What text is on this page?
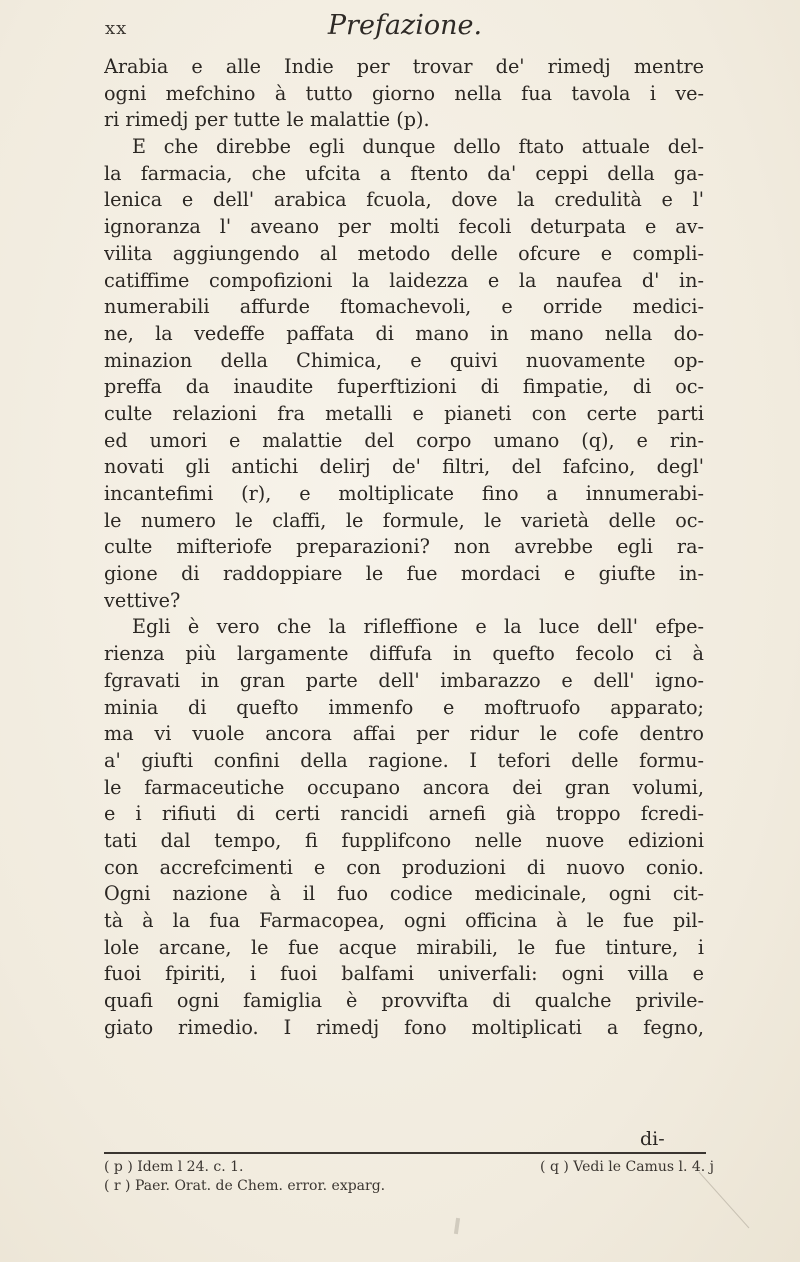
xx	Prefazione.
Arabia e alle Indie per trovar de' rimedj mentre
ogni mefchino à tutto giorno nella fua tavola i ve-
ri rimedj per tutte le malattie (p).
E che direbbe egli dunque dello ftato attuale del-
la farmacia, che ufcita a ftento da' ceppi della ga-
lenica e dell' arabica fcuola, dove la credulità e l'
ignoranza l' aveano per molti fecoli deturpata e av-
vilita aggiungendo al metodo delle ofcure e compli-
catiffime compofizioni la laidezza e la naufea d' in-
numerabili affurde ftomachevoli, e orride medici-
ne, la vedeffe paffata di mano in mano nella do-
minazion della Chimica, e quivi nuovamente op-
preffa da inaudite fuperftizioni di fimpatie, di oc-
culte relazioni fra metalli e pianeti con certe parti
ed umori e malattie del corpo umano (q), e rin-
novati gli antichi delirj de' filtri, del fafcino, degl'
incantefimi (r), e moltiplicate fino a innumerabi-
le numero le claffi, le formule, le varietà delle oc-
culte mifteriofe preparazioni? non avrebbe egli ra-
gione di raddoppiare le fue mordaci e giufte in-
vettive?
Egli è vero che la rifleffione e la luce dell' efpe-
rienza più largamente diffufa in quefto fecolo ci à
fgravati in gran parte dell' imbarazzo e dell' igno-
minia di quefto immenfo e moftruofo apparato;
ma vi vuole ancora affai per ridur le cofe dentro
a' giufti confini della ragione. I tefori delle formu-
le farmaceutiche occupano ancora dei gran volumi,
e i rifiuti di certi rancidi arnefi già troppo fcredi-
tati dal tempo, fi fupplifcono nelle nuove edizioni
con accrefcimenti e con produzioni di nuovo conio.
Ogni nazione à il fuo codice medicinale, ogni cit-
tà à la fua Farmacopea, ogni officina à le fue pil-
lole arcane, le fue acque mirabili, le fue tinture, i
fuoi fpiriti, i fuoi balfami univerfali: ogni villa e
quafi ogni famiglia è provvifta di qualche privile-
giato rimedio. I rimedj fono moltiplicati a fegno,
di-
( p ) Idem l 24. c. 1.	( q ) Vedi le Camus l. 4. j
( r ) Paer. Orat. de Chem. error. exparg.
